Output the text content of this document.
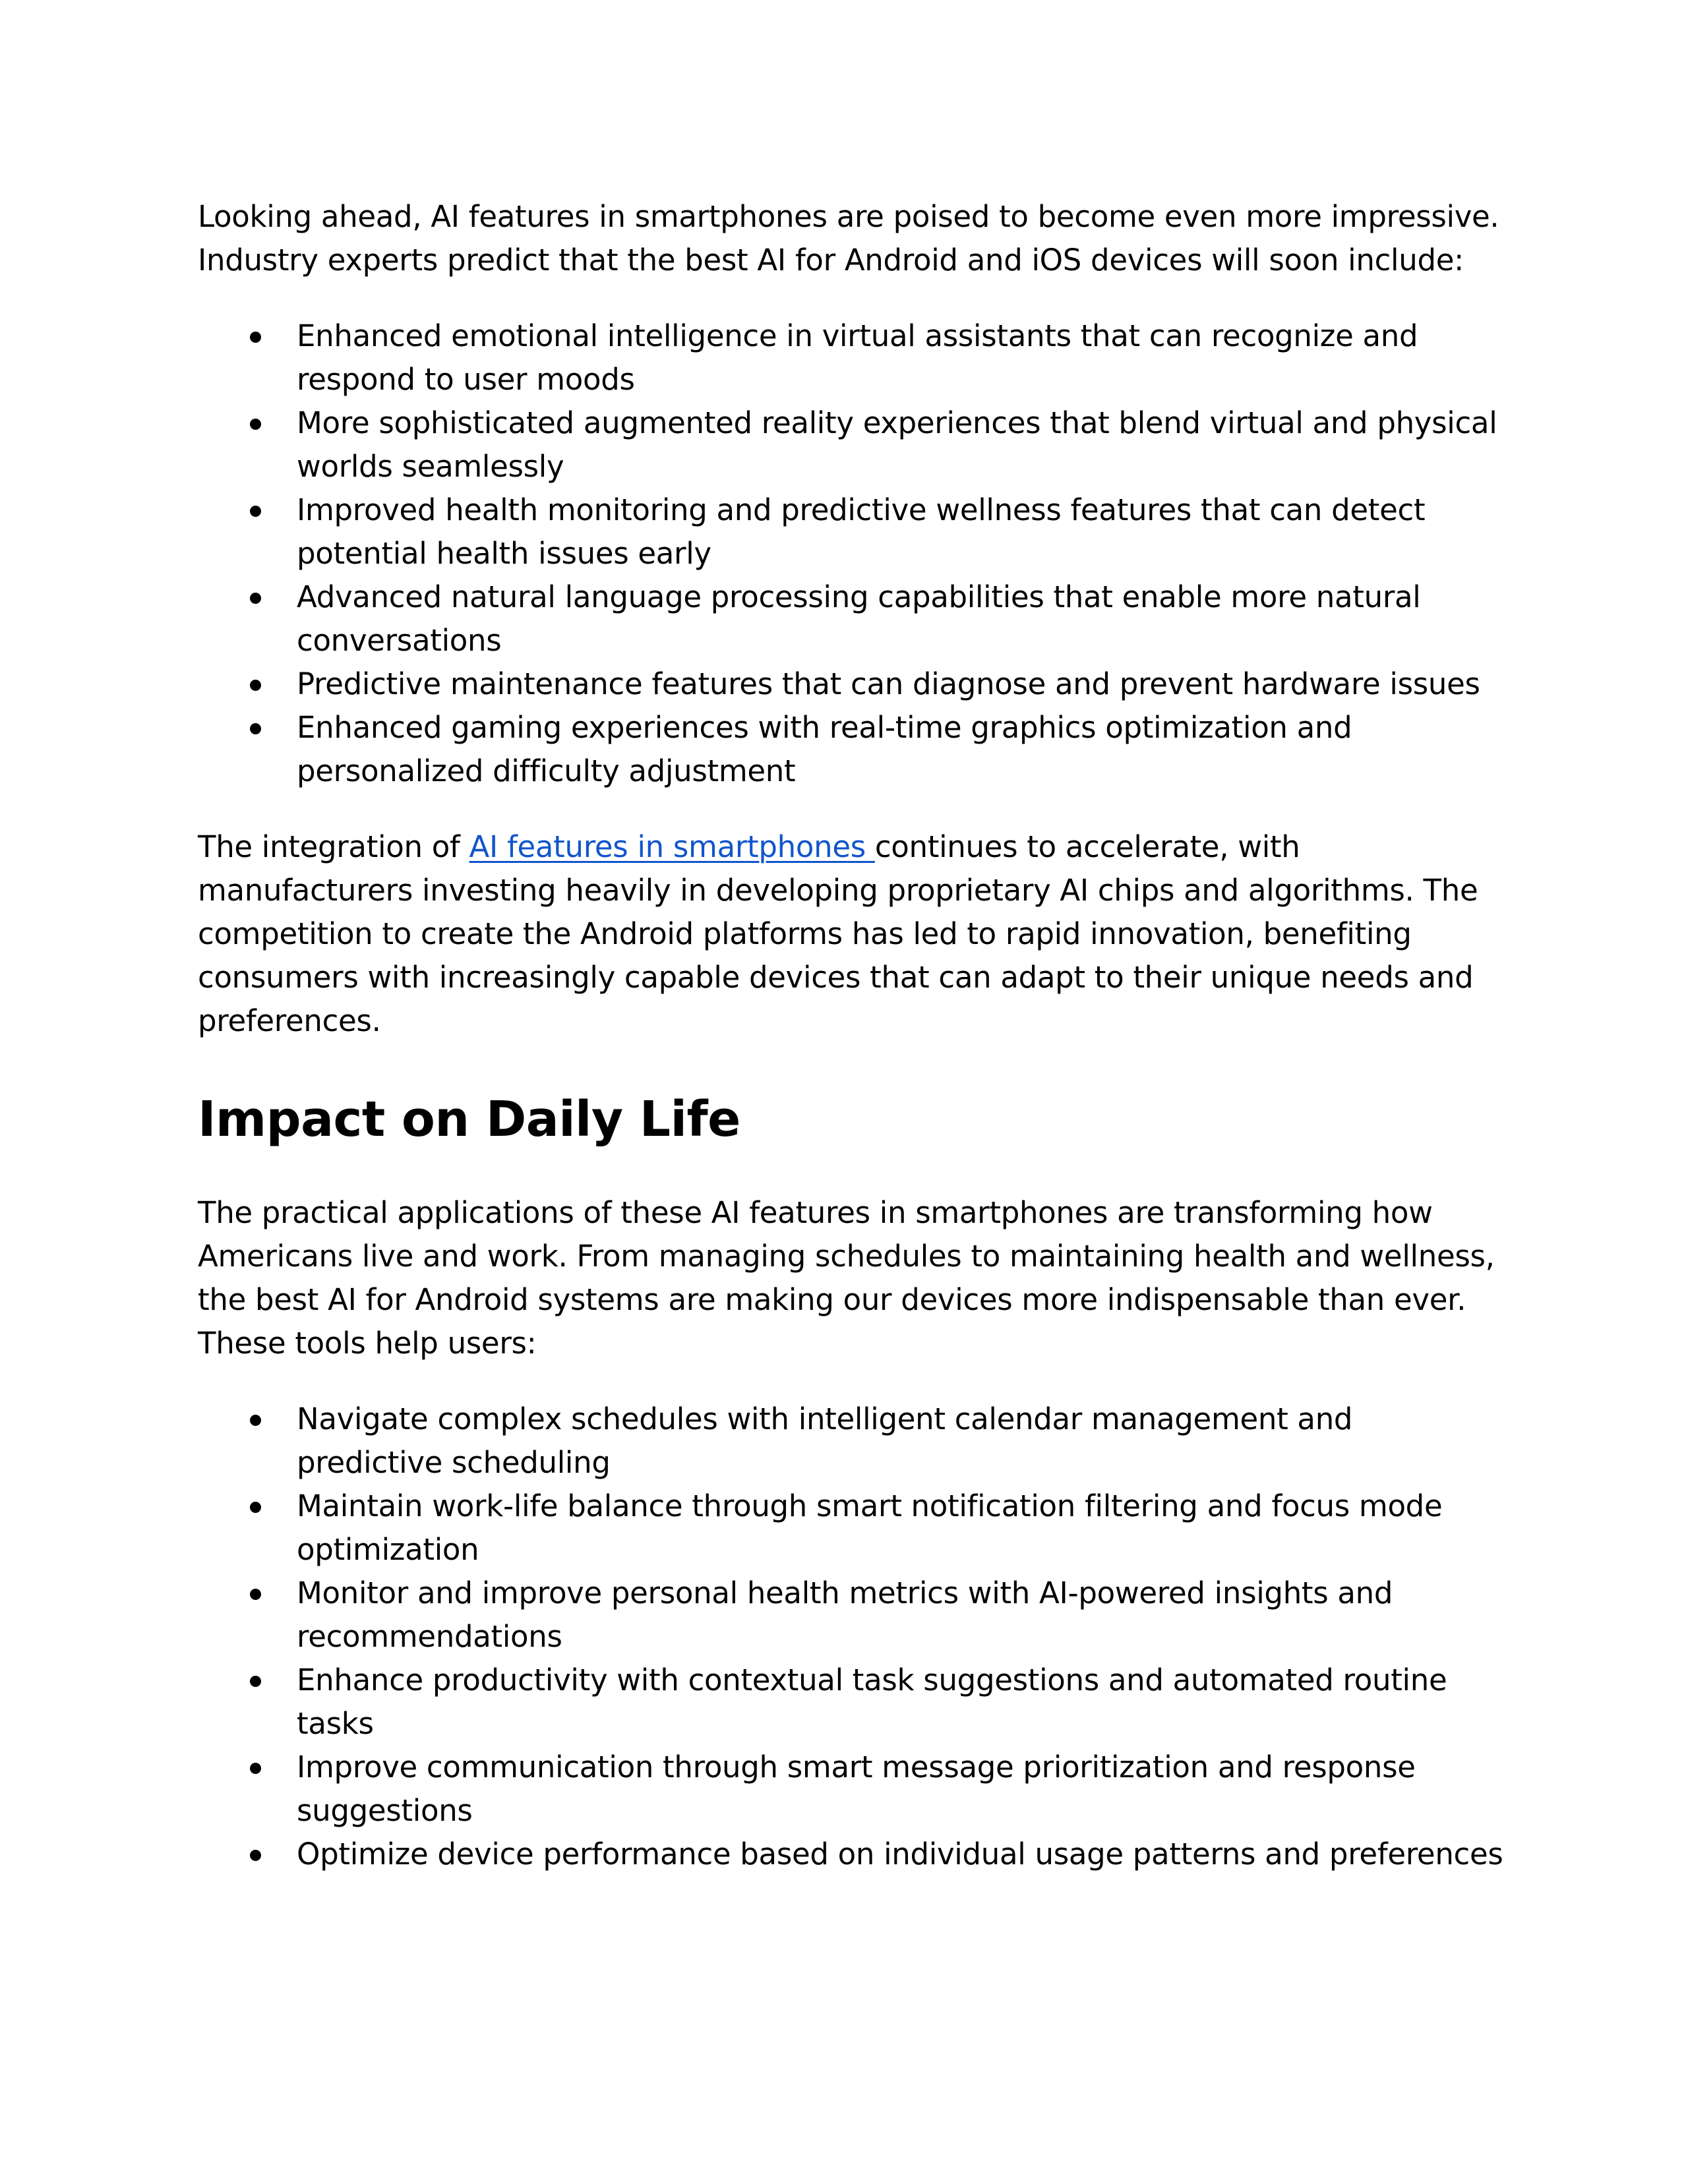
Looking ahead, AI features in smartphones are poised to become even more impressive. Industry experts predict that the best AI for Android and iOS devices will soon include:

Enhanced emotional intelligence in virtual assistants that can recognize and respond to user moods
More sophisticated augmented reality experiences that blend virtual and physical worlds seamlessly
Improved health monitoring and predictive wellness features that can detect potential health issues early
Advanced natural language processing capabilities that enable more natural conversations
Predictive maintenance features that can diagnose and prevent hardware issues
Enhanced gaming experiences with real-time graphics optimization and personalized difficulty adjustment

The integration of AI features in smartphones continues to accelerate, with manufacturers investing heavily in developing proprietary AI chips and algorithms. The competition to create the Android platforms has led to rapid innovation, benefiting consumers with increasingly capable devices that can adapt to their unique needs and preferences.

Impact on Daily Life

The practical applications of these AI features in smartphones are transforming how Americans live and work. From managing schedules to maintaining health and wellness, the best AI for Android systems are making our devices more indispensable than ever. These tools help users:

Navigate complex schedules with intelligent calendar management and predictive scheduling
Maintain work-life balance through smart notification filtering and focus mode optimization
Monitor and improve personal health metrics with AI-powered insights and recommendations
Enhance productivity with contextual task suggestions and automated routine tasks
Improve communication through smart message prioritization and response suggestions
Optimize device performance based on individual usage patterns and preferences
